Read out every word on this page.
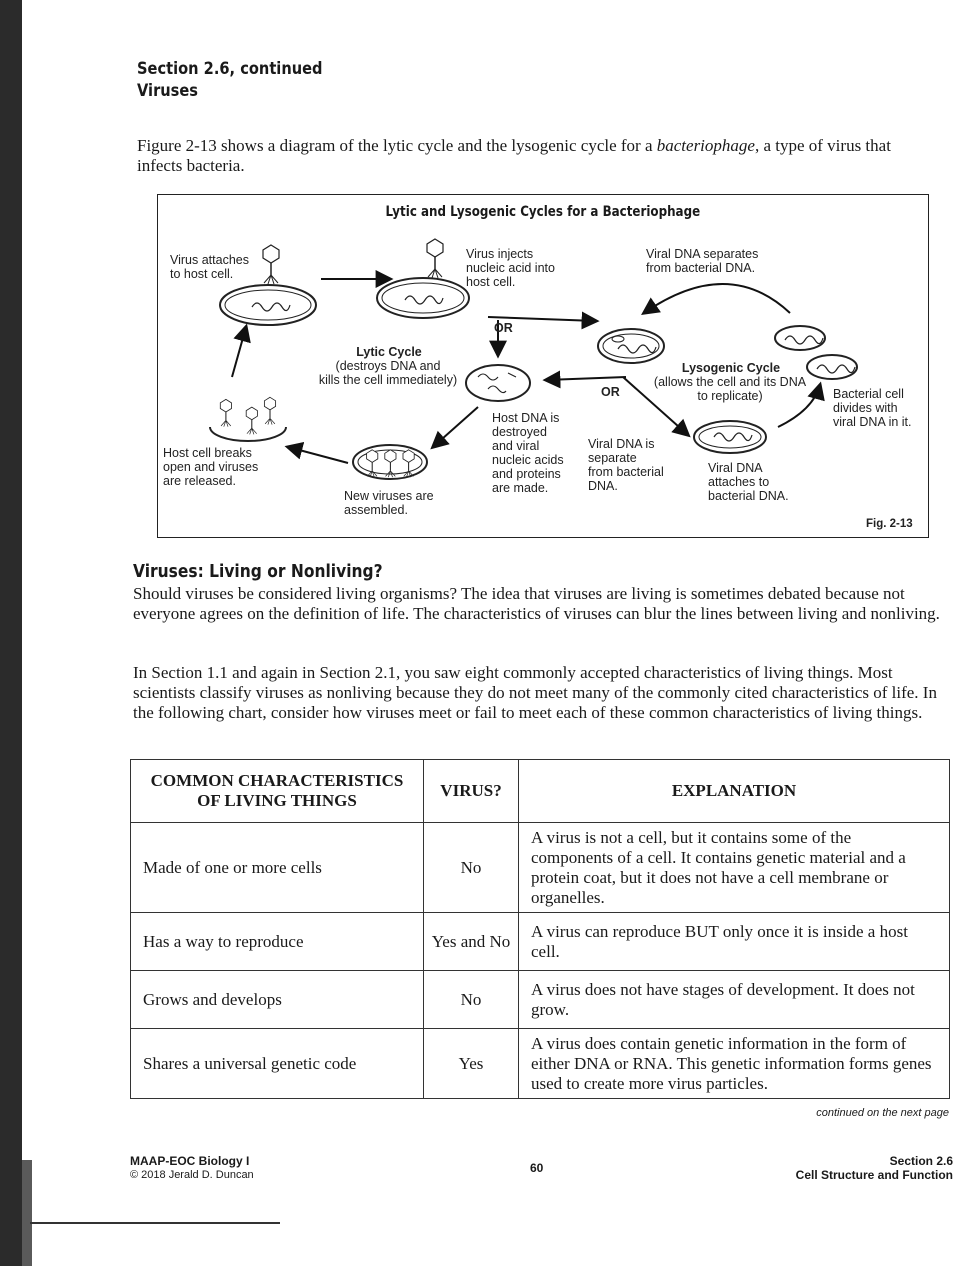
Section 2.6, continued
Viruses
Figure 2-13 shows a diagram of the lytic cycle and the lysogenic cycle for a bacteriophage, a type of virus that infects bacteria.
Lytic and Lysogenic Cycles for a Bacteriophage
Virus attaches
to host cell.
Virus injects
nucleic acid into
host cell.
Viral DNA separates
from bacterial DNA.
OR
OR
Lytic Cycle
(destroys DNA and
kills the cell immediately)
Lysogenic Cycle
(allows the cell and its DNA
to replicate)	Bacterial cell
divides with
viral DNA in it.
Host DNA is
destroyed
and viral
nucleic acids
and proteins
are made.
Viral DNA is
separate
from bacterial
DNA.
Viral DNA
attaches to
bacterial DNA.
Host cell breaks
open and viruses
are released.
New viruses are
assembled.
Fig. 2-13
Viruses: Living or Nonliving?
Should viruses be considered living organisms? The idea that viruses are living is sometimes debated because not everyone agrees on the definition of life. The characteristics of viruses can blur the lines between living and nonliving.
In Section 1.1 and again in Section 2.1, you saw eight commonly accepted characteristics of living things. Most scientists classify viruses as nonliving because they do not meet many of the commonly cited characteristics of life. In the following chart, consider how viruses meet or fail to meet each of these common characteristics of living things.
COMMON CHARACTERISTICS OF LIVING THINGS	VIRUS?	EXPLANATION
Made of one or more cells	No	A virus is not a cell, but it contains some of the components of a cell. It contains genetic material and a protein coat, but it does not have a cell membrane or organelles.
Has a way to reproduce	Yes and No	A virus can reproduce BUT only once it is inside a host cell.
Grows and develops	No	A virus does not have stages of development. It does not grow.
Shares a universal genetic code	Yes	A virus does contain genetic information in the form of either DNA or RNA. This genetic information forms genes used to create more virus particles.
continued on the next page
MAAP-EOC Biology I
© 2018 Jerald D. Duncan	60	Section 2.6
Cell Structure and Function
